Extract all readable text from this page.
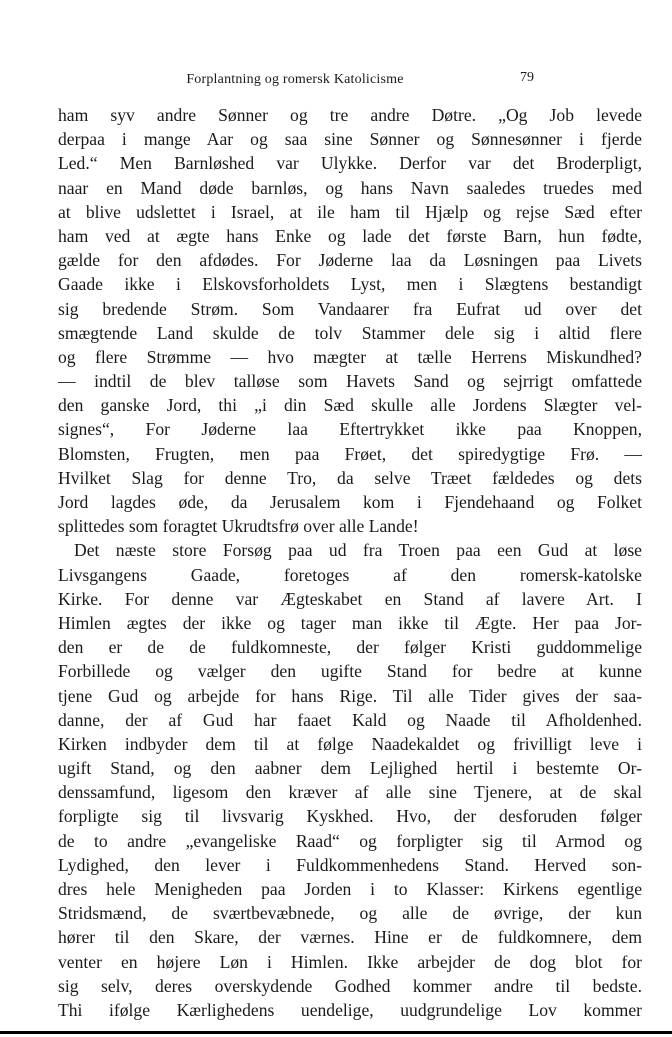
Forplantning og romersk Katolicisme	79
ham syv andre Sønner og tre andre Døtre. „Og Job levede
derpaa i mange Aar og saa sine Sønner og Sønnesønner i fjerde
Led.“ Men Barnløshed var Ulykke. Derfor var det Broderpligt,
naar en Mand døde barnløs, og hans Navn saaledes truedes med
at blive udslettet i Israel, at ile ham til Hjælp og rejse Sæd efter
ham ved at ægte hans Enke og lade det første Barn, hun fødte,
gælde for den afdødes. For Jøderne laa da Løsningen paa Livets
Gaade ikke i Elskovsforholdets Lyst, men i Slægtens bestandigt
sig bredende Strøm. Som Vandaarer fra Eufrat ud over det
smægtende Land skulde de tolv Stammer dele sig i altid flere
og flere Strømme — hvo mægter at tælle Herrens Miskundhed?
— indtil de blev talløse som Havets Sand og sejrrigt omfattede
den ganske Jord, thi „i din Sæd skulle alle Jordens Slægter vel-
signes“, For Jøderne laa Eftertrykket ikke paa Knoppen,
Blomsten, Frugten, men paa Frøet, det spiredygtige Frø. —
Hvilket Slag for denne Tro, da selve Træet fældedes og dets
Jord lagdes øde, da Jerusalem kom i Fjendehaand og Folket
splittedes som foragtet Ukrudtsfrø over alle Lande!
Det næste store Forsøg paa ud fra Troen paa een Gud at løse
Livsgangens Gaade, foretoges af den romersk-katolske
Kirke. For denne var Ægteskabet en Stand af lavere Art. I
Himlen ægtes der ikke og tager man ikke til Ægte. Her paa Jor-
den er de de fuldkomneste, der følger Kristi guddommelige
Forbillede og vælger den ugifte Stand for bedre at kunne
tjene Gud og arbejde for hans Rige. Til alle Tider gives der saa-
danne, der af Gud har faaet Kald og Naade til Afholdenhed.
Kirken indbyder dem til at følge Naadekaldet og frivilligt leve i
ugift Stand, og den aabner dem Lejlighed hertil i bestemte Or-
denssamfund, ligesom den kræver af alle sine Tjenere, at de skal
forpligte sig til livsvarig Kyskhed. Hvo, der desforuden følger
de to andre „evangeliske Raad“ og forpligter sig til Armod og
Lydighed, den lever i Fuldkommenhedens Stand. Herved son-
dres hele Menigheden paa Jorden i to Klasser: Kirkens egentlige
Stridsmænd, de sværtbevæbnede, og alle de øvrige, der kun
hører til den Skare, der værnes. Hine er de fuldkomnere, dem
venter en højere Løn i Himlen. Ikke arbejder de dog blot for
sig selv, deres overskydende Godhed kommer andre til bedste.
Thi ifølge Kærlighedens uendelige, uudgrundelige Lov kommer
